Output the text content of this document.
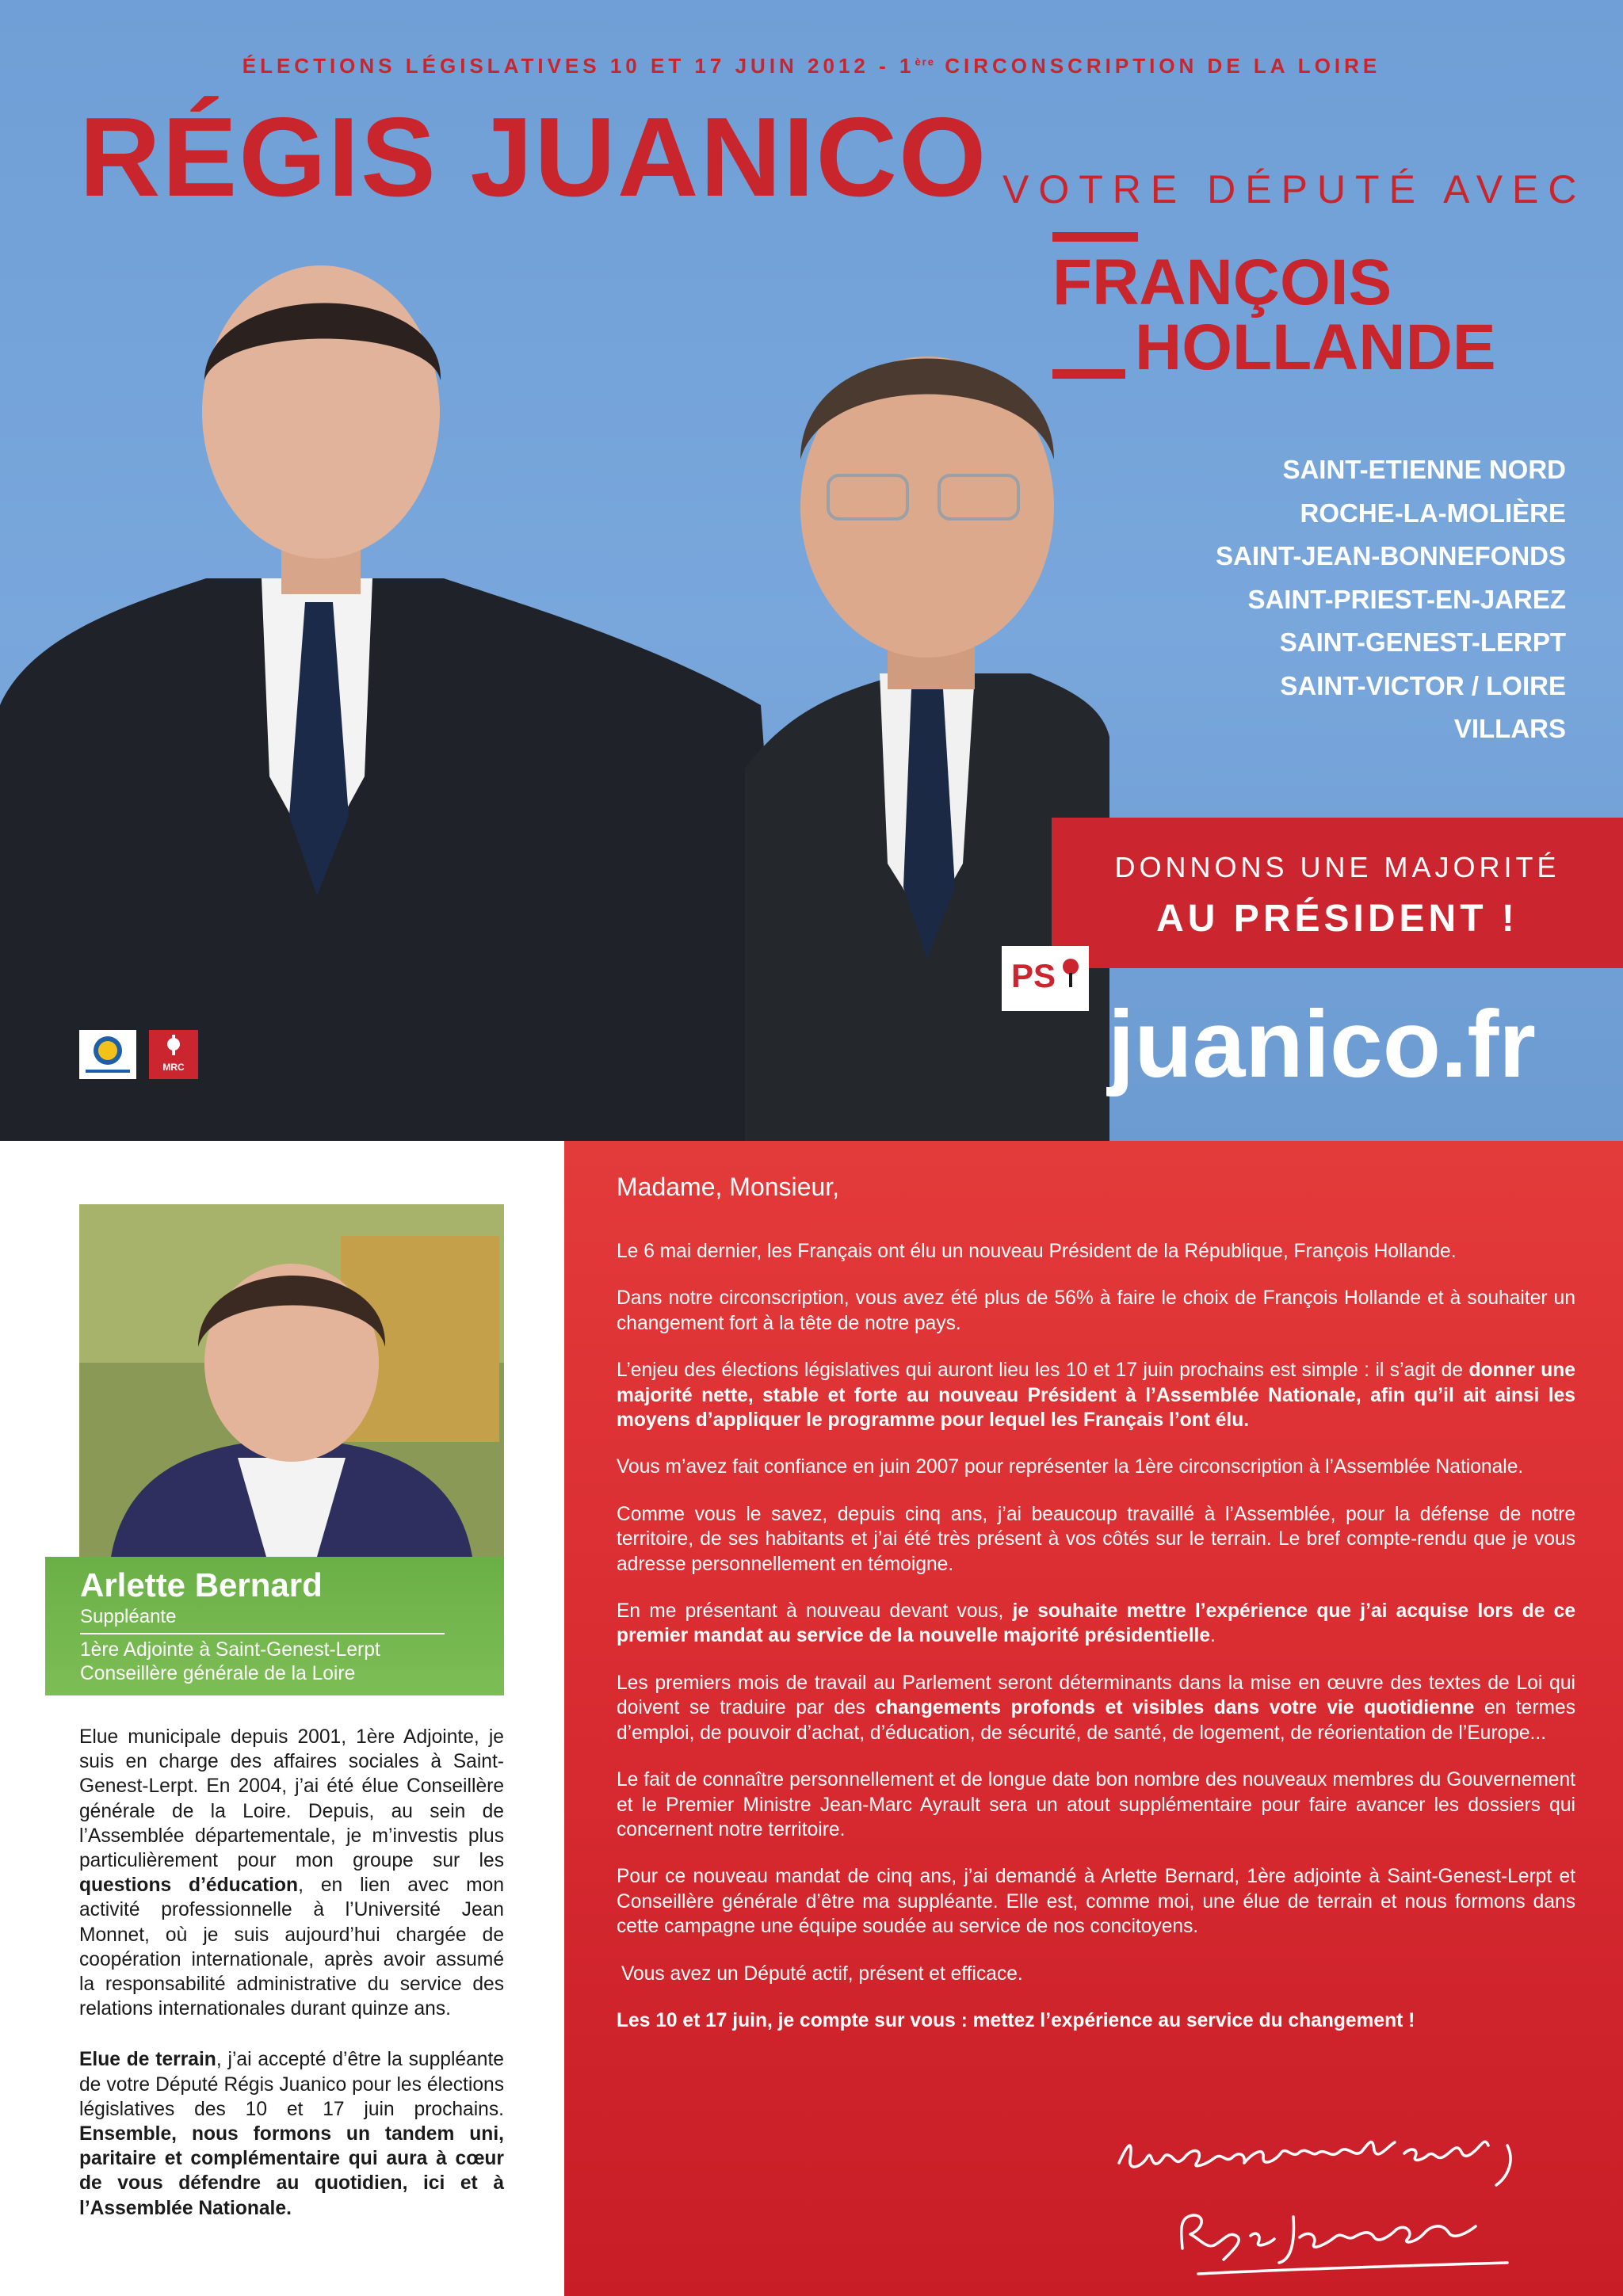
ÉLECTIONS LÉGISLATIVES 10 ET 17 JUIN 2012 - 1ère CIRCONSCRIPTION DE LA LOIRE
RÉGIS JUANICO VOTRE DÉPUTÉ AVEC
FRANÇOIS
HOLLANDE
SAINT-ETIENNE NORD
ROCHE-LA-MOLIÈRE
SAINT-JEAN-BONNEFONDS
SAINT-PRIEST-EN-JAREZ
SAINT-GENEST-LERPT
SAINT-VICTOR / LOIRE
VILLARS
DONNONS UNE MAJORITÉ
AU PRÉSIDENT !
PS
juanico.fr
MRC
Arlette Bernard
Suppléante
1ère Adjointe à Saint-Genest-Lerpt
Conseillère générale de la Loire

Elue municipale depuis 2001, 1ère Adjointe, je suis en charge des affaires sociales à Saint-Genest-Lerpt. En 2004, j’ai été élue Conseillère générale de la Loire. Depuis, au sein de l’Assemblée départementale, je m’investis plus particulièrement pour mon groupe sur les questions d’éducation, en lien avec mon activité professionnelle à l’Université Jean Monnet, où je suis aujourd’hui chargée de coopération internationale, après avoir assumé la responsabilité administrative du service des relations internationales durant quinze ans.

Elue de terrain, j’ai accepté d’être la suppléante de votre Député Régis Juanico pour les élections législatives des 10 et 17 juin prochains. Ensemble, nous formons un tandem uni, paritaire et complémentaire qui aura à cœur de vous défendre au quotidien, ici et à l’Assemblée Nationale.

Madame, Monsieur,

Le 6 mai dernier, les Français ont élu un nouveau Président de la République, François Hollande.

Dans notre circonscription, vous avez été plus de 56% à faire le choix de François Hollande et à souhaiter un changement fort à la tête de notre pays.

L’enjeu des élections législatives qui auront lieu les 10 et 17 juin prochains est simple : il s’agit de donner une majorité nette, stable et forte au nouveau Président à l’Assemblée Nationale, afin qu’il ait ainsi les moyens d’appliquer le programme pour lequel les Français l’ont élu.

Vous m’avez fait confiance en juin 2007 pour représenter la 1ère circonscription à l’Assemblée Nationale.

Comme vous le savez, depuis cinq ans, j’ai beaucoup travaillé à l’Assemblée, pour la défense de notre territoire, de ses habitants et j’ai été très présent à vos côtés sur le terrain. Le bref compte-rendu que je vous adresse personnellement en témoigne.

En me présentant à nouveau devant vous, je souhaite mettre l’expérience que j’ai acquise lors de ce premier mandat au service de la nouvelle majorité présidentielle.

Les premiers mois de travail au Parlement seront déterminants dans la mise en œuvre des textes de Loi qui doivent se traduire par des changements profonds et visibles dans votre vie quotidienne en termes d’emploi, de pouvoir d’achat, d’éducation, de sécurité, de santé, de logement, de réorientation de l’Europe...

Le fait de connaître personnellement et de longue date bon nombre des nouveaux membres du Gouvernement et le Premier Ministre Jean-Marc Ayrault sera un atout supplémentaire pour faire avancer les dossiers qui concernent notre territoire.

Pour ce nouveau mandat de cinq ans, j’ai demandé à Arlette Bernard, 1ère adjointe à Saint-Genest-Lerpt et Conseillère générale d’être ma suppléante. Elle est, comme moi, une élue de terrain et nous formons dans cette campagne une équipe soudée au service de nos concitoyens.

Vous avez un Député actif, présent et efficace.

Les 10 et 17 juin, je compte sur vous : mettez l’expérience au service du changement !
